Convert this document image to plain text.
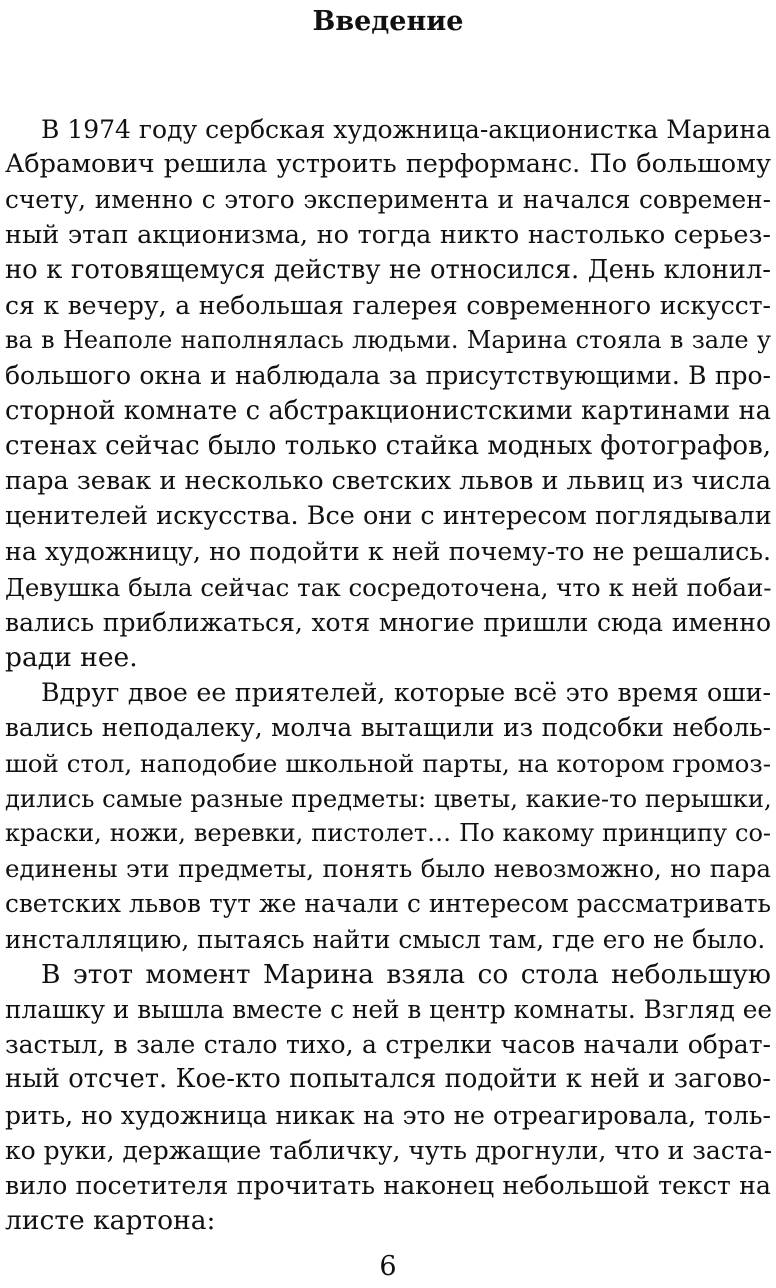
Введение
В 1974 году сербская художница-акционистка Марина
Абрамович решила устроить перформанс. По большому
счету, именно с этого эксперимента и начался современ-
ный этап акционизма, но тогда никто настолько серьез-
но к готовящемуся действу не относился. День клонил-
ся к вечеру, а небольшая галерея современного искусст-
ва в Неаполе наполнялась людьми. Марина стояла в зале у
большого окна и наблюдала за присутствующими. В про-
сторной комнате с абстракционистскими картинами на
стенах сейчас было только стайка модных фотографов,
пара зевак и несколько светских львов и львиц из числа
ценителей искусства. Все они с интересом поглядывали
на художницу, но подойти к ней почему-то не решались.
Девушка была сейчас так сосредоточена, что к ней побаи-
вались приближаться, хотя многие пришли сюда именно
ради нее.
Вдруг двое ее приятелей, которые всё это время оши-
вались неподалеку, молча вытащили из подсобки неболь-
шой стол, наподобие школьной парты, на котором громоз-
дились самые разные предметы: цветы, какие-то перышки,
краски, ножи, веревки, пистолет… По какому принципу со-
единены эти предметы, понять было невозможно, но пара
светских львов тут же начали с интересом рассматривать
инсталляцию, пытаясь найти смысл там, где его не было.
В этот момент Марина взяла со стола небольшую
плашку и вышла вместе с ней в центр комнаты. Взгляд ее
застыл, в зале стало тихо, а стрелки часов начали обрат-
ный отсчет. Кое-кто попытался подойти к ней и загово-
рить, но художница никак на это не отреагировала, толь-
ко руки, держащие табличку, чуть дрогнули, что и заста-
вило посетителя прочитать наконец небольшой текст на
листе картона:
6
